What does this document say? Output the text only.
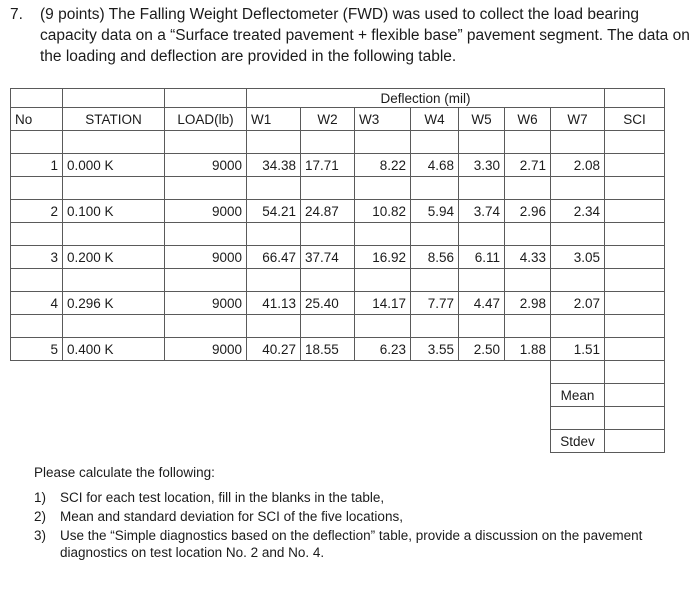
7. (9 points) The Falling Weight Deflectometer (FWD) was used to collect the load bearing capacity data on a “Surface treated pavement + flexible base” pavement segment. The data on the loading and deflection are provided in the following table.
			Deflection (mil)							
No	STATION	LOAD(lb)	W1	W2	W3	W4	W5	W6	W7	SCI

1	0.000 K	9000	34.38	17.71	8.22	4.68	3.30	2.71	2.08	

2	0.100 K	9000	54.21	24.87	10.82	5.94	3.74	2.96	2.34	

3	0.200 K	9000	66.47	37.74	16.92	8.56	6.11	4.33	3.05	

4	0.296 K	9000	41.13	25.40	14.17	7.77	4.47	2.98	2.07	

5	0.400 K	9000	40.27	18.55	6.23	3.55	2.50	1.88	1.51	

									Mean	

									Stdev	
Please calculate the following:
1) SCI for each test location, fill in the blanks in the table,
2) Mean and standard deviation for SCI of the five locations,
3) Use the “Simple diagnostics based on the deflection” table, provide a discussion on the pavement diagnostics on test location No. 2 and No. 4.
